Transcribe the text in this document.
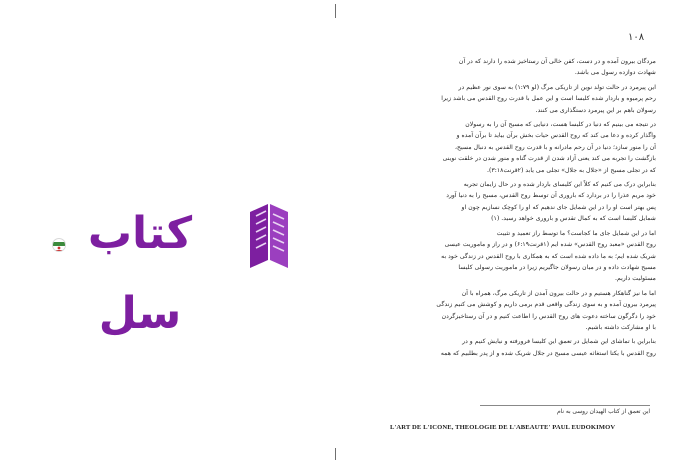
۱۰۸
مردگان بیرون آمده و در دست، کفن خالی آن رستاخیز شده را دارند که در آن
شهادت دوازده رسول می باشد.
این پیرمرد در حالت تولد نوین از تاریکی مرگ (لو ۱:۷۹) به سوی نور عظیم در
رحم پرمیوه و باردار شده کلیسا است و این عمل با قدرت روح القدس می باشد زیرا
رسولان باهم بر این پیرمرد دستگذاری می کنند.
در نتیجه می بینیم که دنیا در کلیسا هست، دنیایی که مسیح آن را به رسولان
واگذار کرده و دعا می کند که روح القدس حیات بخش برآن بیاید تا برآن آمده و
آن را منور سازد؛ دنیا در آن رحم مادرانه و با قدرت روح القدس به دنبال مسیح،
بازگشت را تجربه می کند یعنی آزاد شدن از قدرت گناه و منور شدن در خلقت نوینی
که در تجلی مسیح از «جلال به جلال» تجلی می یابد (۲قرنت۳:۱۸).
بنابراین درک می کنیم که کلاً این کلیسای باردار شده و در حال زایمان تجربه
خود مریم عذرا را در بردارد که باروری آن توسط روح القدس، مسیح را به دنیا آورد
پس بهتر است او را در این شمایل جای ندهیم که او را کوچک نسازیم چون او
شمایل کلیسا است که به کمال تقدس و باروری خواهد رسید. (۱)
اما در این شمایل جای ما کجاست؟ ما توسط راز تعمید و تثبیت
روح القدس «معبد روح القدس» شده ایم (۱قرنت۶:۱۹) و در راز و ماموریت عیسی
شریک شده ایم؛ به ما داده شده است که به همکاری با روح القدس در زندگی خود به
مسیح شهادت داده و در میان رسولان جاگیریم زیرا در ماموریت رسولی کلیسا
مسئولیت داریم.
اما ما نیز گناهکار هستیم و در حالت بیرون آمدن از تاریکی مرگ، همراه با آن
پیرمرد بیرون آمده و به سوی زندگی واقعی قدم برمی داریم و کوشش می کنیم زندگی
خود را دگرگون ساخته دعوت های روح القدس را اطاعت کنیم و در آن رستاخیزگردن
با او مشارکت داشته باشیم.
بنابراین با تماشای این شمایل در تعمق این کلیسا فرورفته و نیایش کنیم و در
روح القدس با یکتا استغاثه عیسی مسیح در جلال شریک شده و از پدر بطلبیم که همه
این تعمق از کتاب الهیدان روسی به نام
L'ART DE L'ICONE, THEOLOGIE DE L'ABEAUTE' PAUL EUDOKIMOV
کتاب سل
